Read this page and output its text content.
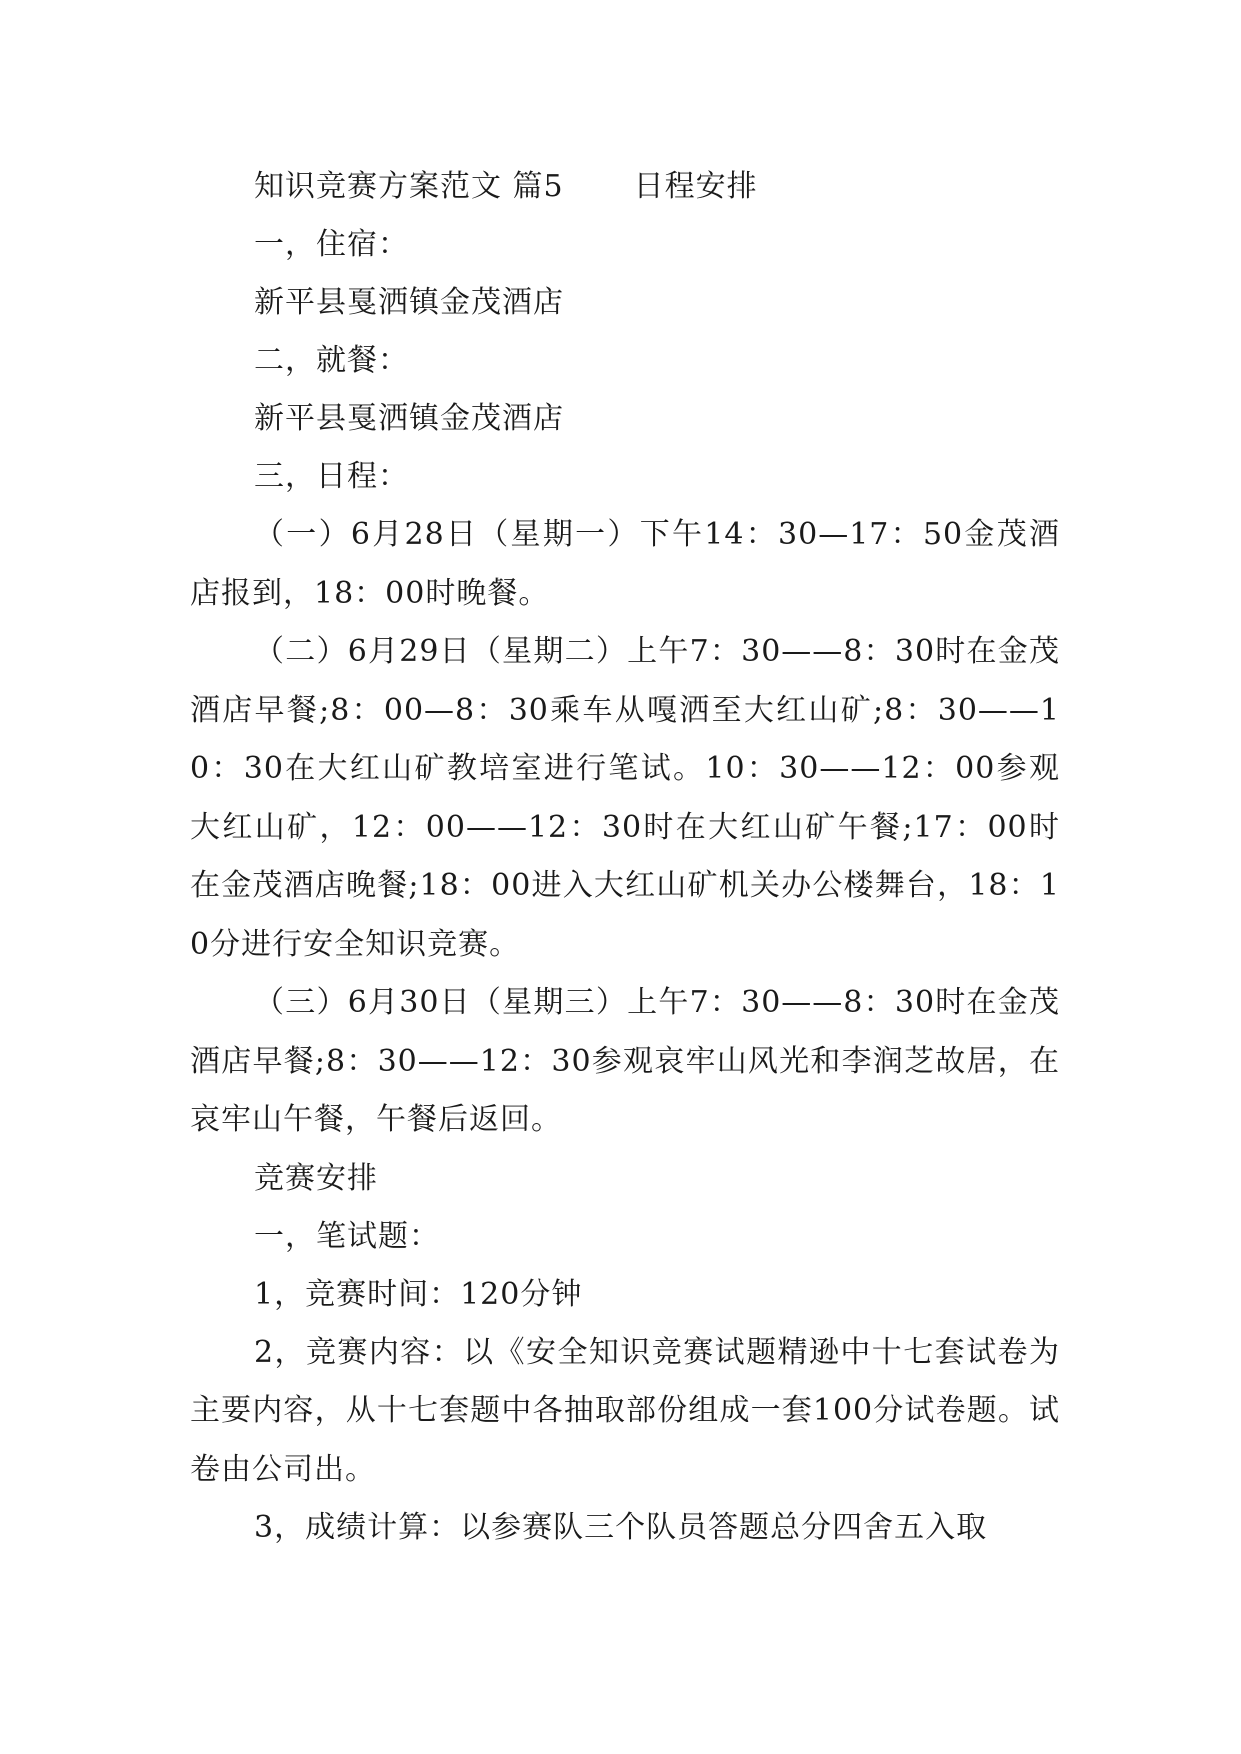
知识竞赛方案范文 篇5 日程安排
一，住宿：
新平县戛洒镇金茂酒店
二，就餐：
新平县戛洒镇金茂酒店
三，日程：
（一）6月28日（星期一）下午14：30—17：50金茂酒店报到，18：00时晚餐。
（二）6月29日（星期二）上午7：30——8：30时在金茂酒店早餐;8：00—8：30乘车从嘎洒至大红山矿;8：30——10：30在大红山矿教培室进行笔试。10：30——12：00参观大红山矿，12：00——12：30时在大红山矿午餐;17：00时在金茂酒店晚餐;18：00进入大红山矿机关办公楼舞台，18：10分进行安全知识竞赛。
（三）6月30日（星期三）上午7：30——8：30时在金茂酒店早餐;8：30——12：30参观哀牢山风光和李润芝故居，在哀牢山午餐，午餐后返回。
竞赛安排
一，笔试题：
1，竞赛时间：120分钟
2，竞赛内容：以《安全知识竞赛试题精逊中十七套试卷为主要内容，从十七套题中各抽取部份组成一套100分试卷题。试卷由公司出。
3，成绩计算：以参赛队三个队员答题总分四舍五入取
